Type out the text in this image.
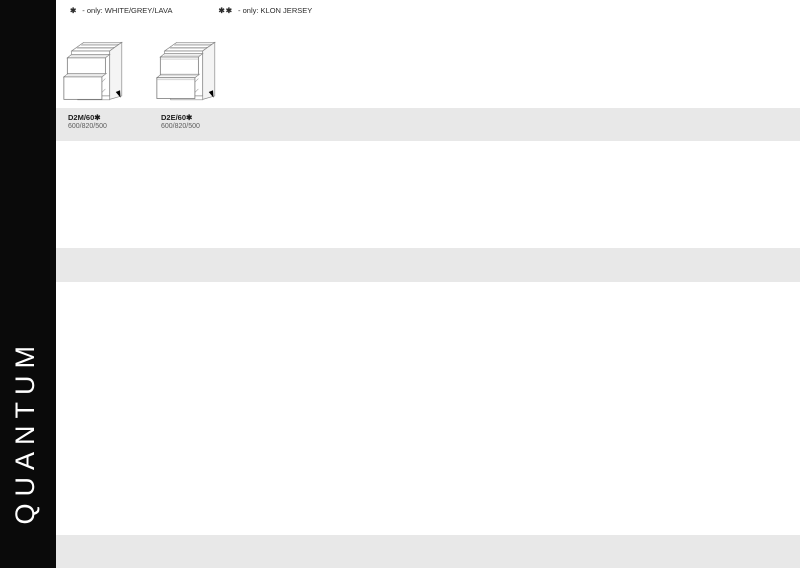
QUANTUM
✱ - only: WHITE/GREY/LAVA	✱✱ - only: KLON JERSEY
D2M/60✱
600/820/500
D2E/60✱
600/820/500
